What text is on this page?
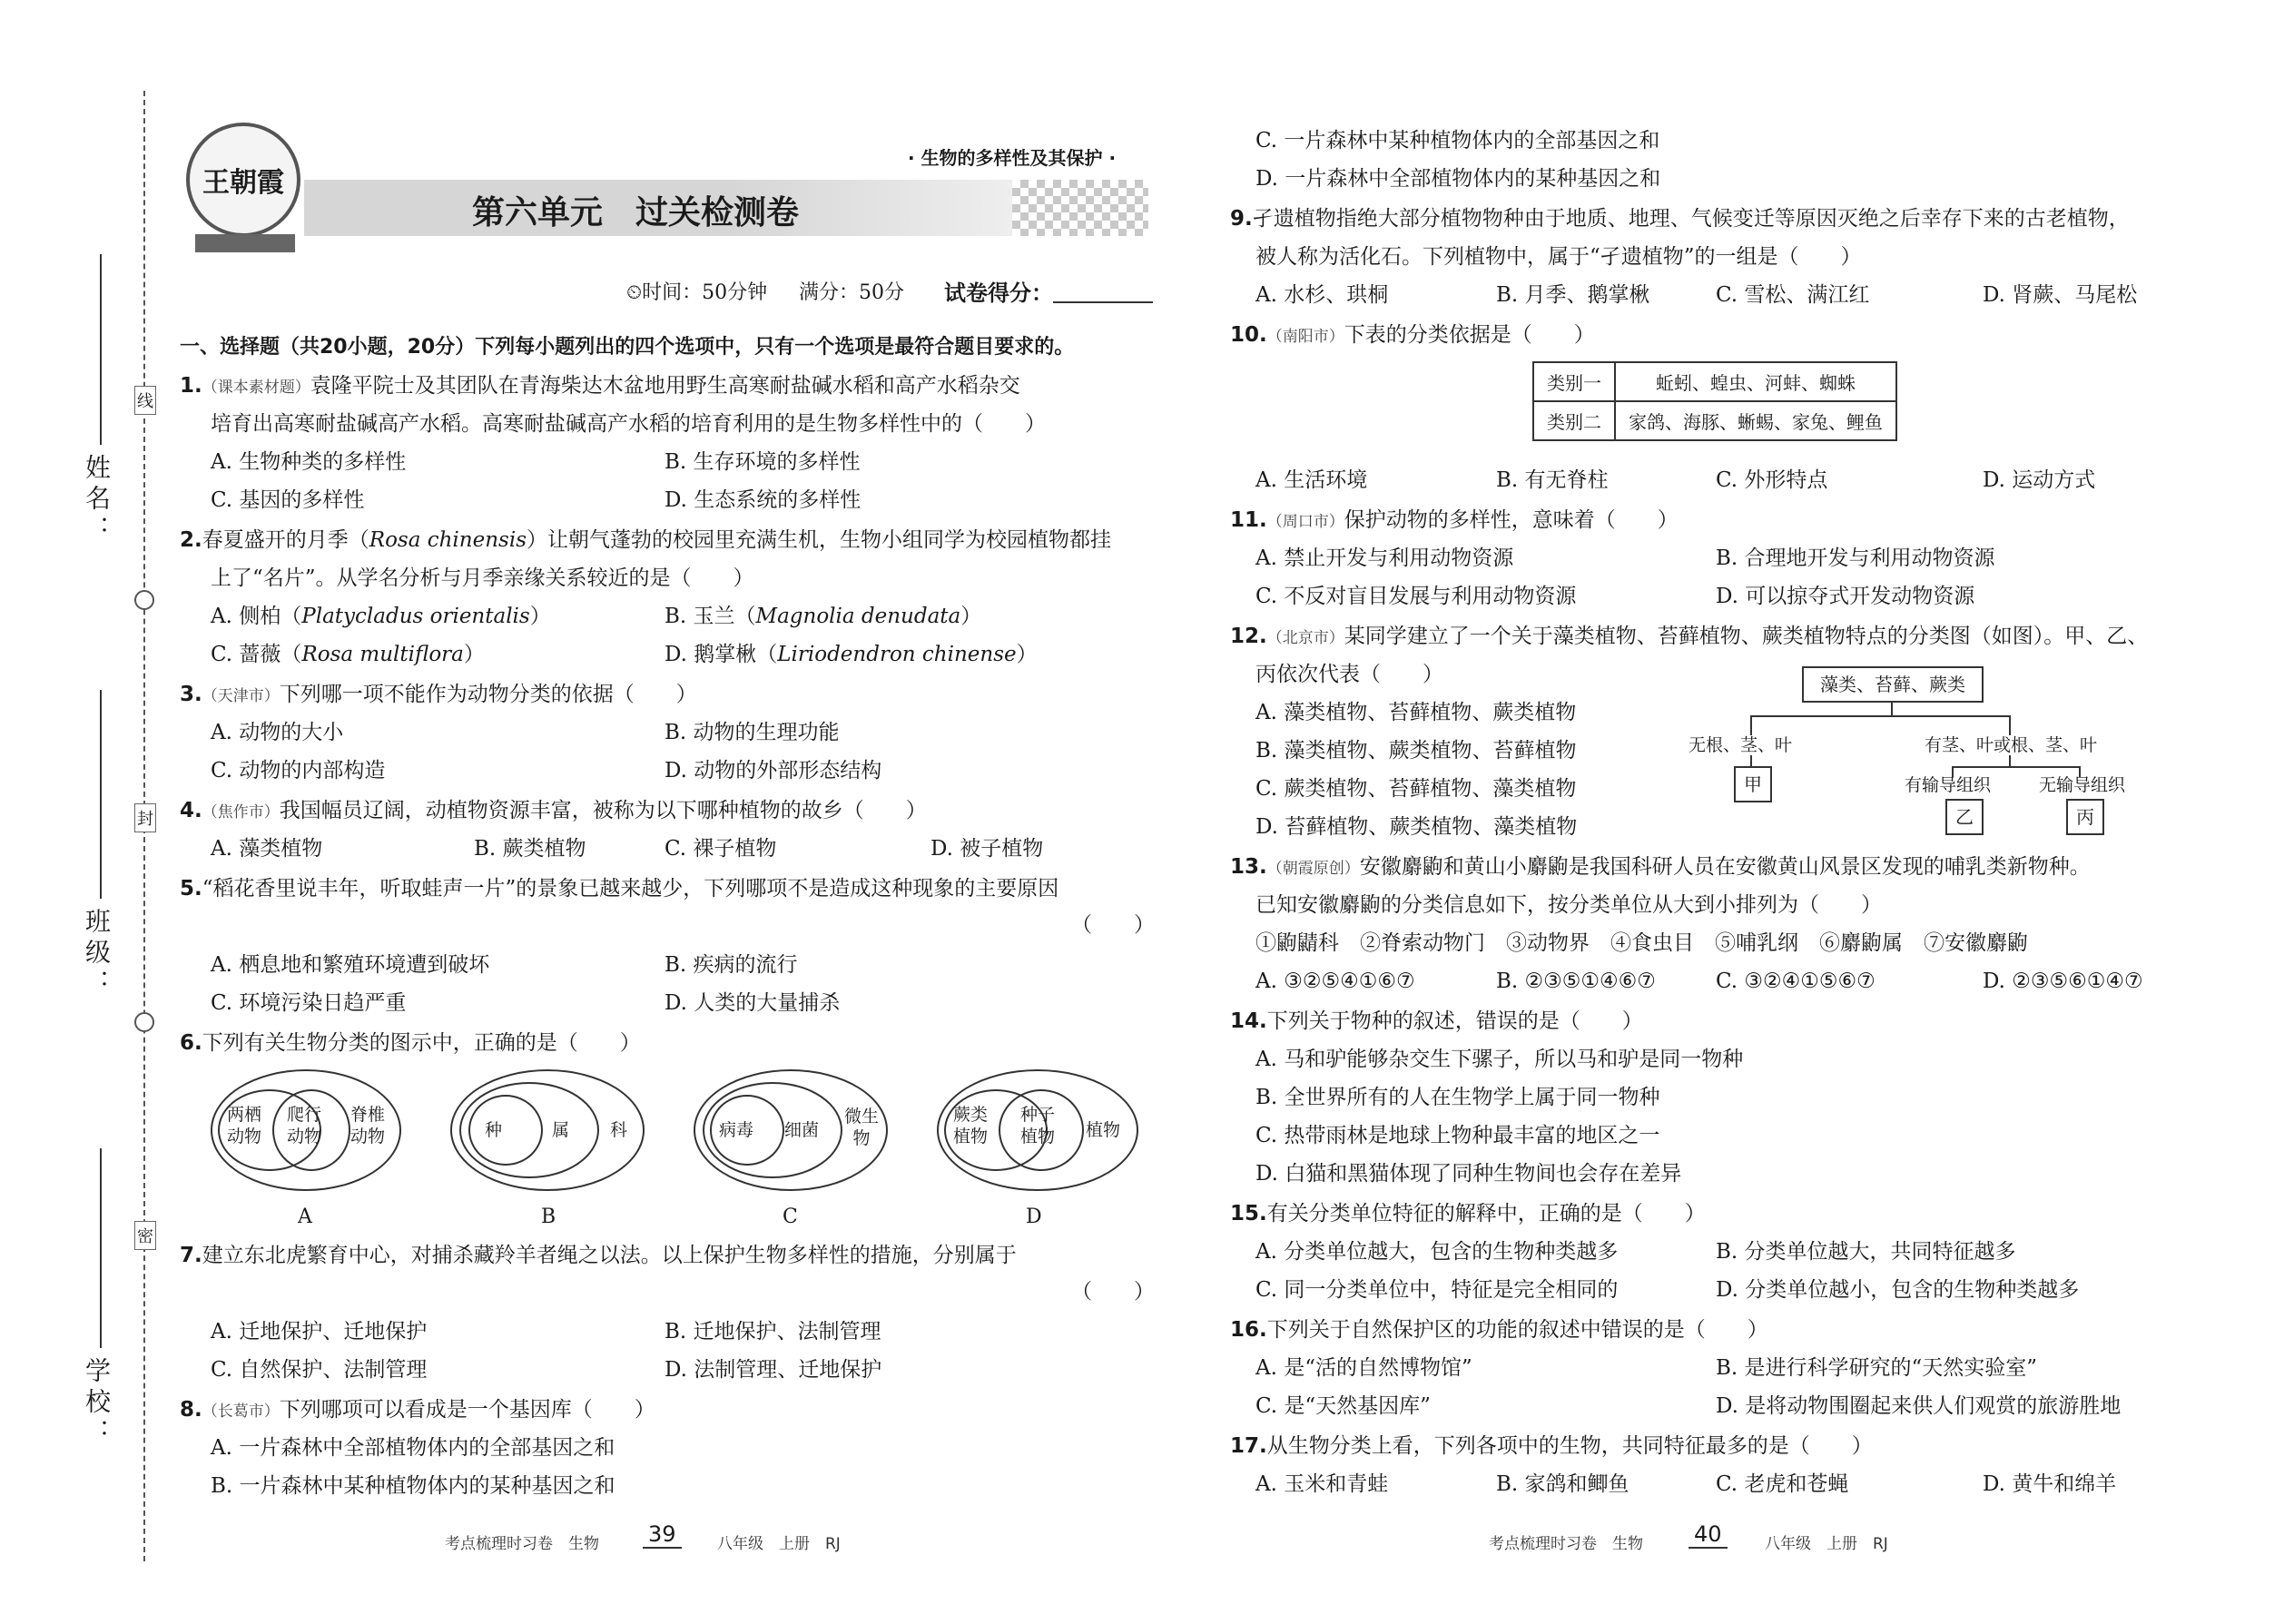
线
封
密
姓名：
班级：
学校：
王朝霞
· 生物的多样性及其保护 ·
第六单元　过关检测卷
⏲时间：50分钟 满分：50分 试卷得分：
一、选择题（共20小题，20分）下列每小题列出的四个选项中，只有一个选项是最符合题目要求的。
1.（课本素材题）袁隆平院士及其团队在青海柴达木盆地用野生高寒耐盐碱水稻和高产水稻杂交
培育出高寒耐盐碱高产水稻。高寒耐盐碱高产水稻的培育利用的是生物多样性中的（　　）
A. 生物种类的多样性	B. 生存环境的多样性
C. 基因的多样性	D. 生态系统的多样性
2.春夏盛开的月季（Rosa chinensis）让朝气蓬勃的校园里充满生机，生物小组同学为校园植物都挂
上了“名片”。从学名分析与月季亲缘关系较近的是（　　）
A. 侧柏（Platycladus orientalis）	B. 玉兰（Magnolia denudata）
C. 蔷薇（Rosa multiflora）	D. 鹅掌楸（Liriodendron chinense）
3.（天津市）下列哪一项不能作为动物分类的依据（　　）
A. 动物的大小	B. 动物的生理功能
C. 动物的内部构造	D. 动物的外部形态结构
4.（焦作市）我国幅员辽阔，动植物资源丰富，被称为以下哪种植物的故乡（　　）
A. 藻类植物	B. 蕨类植物	C. 裸子植物	D. 被子植物
5.“稻花香里说丰年，听取蛙声一片”的景象已越来越少，下列哪项不是造成这种现象的主要原因
（　　）
A. 栖息地和繁殖环境遭到破坏	B. 疾病的流行
C. 环境污染日趋严重	D. 人类的大量捕杀
6.下列有关生物分类的图示中，正确的是（　　）
两栖
动物
爬行
动物
脊椎
动物
A
种	属 科
B
病毒 细菌
微生
物
C
蕨类
植物
种子
植物 植物
D
7.建立东北虎繁育中心，对捕杀藏羚羊者绳之以法。以上保护生物多样性的措施，分别属于
（　　）
A. 迁地保护、迁地保护	B. 迁地保护、法制管理
C. 自然保护、法制管理	D. 法制管理、迁地保护
8.（长葛市）下列哪项可以看成是一个基因库（　　）
A. 一片森林中全部植物体内的全部基因之和
B. 一片森林中某种植物体内的某种基因之和
考点梳理时习卷　生物 39	八年级　上册　RJ
C. 一片森林中某种植物体内的全部基因之和
D. 一片森林中全部植物体内的某种基因之和
9.孑遗植物指绝大部分植物物种由于地质、地理、气候变迁等原因灭绝之后幸存下来的古老植物，
被人称为活化石。下列植物中，属于“孑遗植物”的一组是（　　）
A. 水杉、珙桐	B. 月季、鹅掌楸	C. 雪松、满江红	D. 肾蕨、马尾松
10.（南阳市）下表的分类依据是（　　）
类别一	蚯蚓、蝗虫、河蚌、蜘蛛
类别二	家鸽、海豚、蜥蜴、家兔、鲤鱼
A. 生活环境	B. 有无脊柱	C. 外形特点	D. 运动方式
11.（周口市）保护动物的多样性，意味着（　　）
A. 禁止开发与利用动物资源	B. 合理地开发与利用动物资源
C. 不反对盲目发展与利用动物资源	D. 可以掠夺式开发动物资源
12.（北京市）某同学建立了一个关于藻类植物、苔藓植物、蕨类植物特点的分类图（如图）。甲、乙、
丙依次代表（　　）
A. 藻类植物、苔藓植物、蕨类植物
B. 藻类植物、蕨类植物、苔藓植物
C. 蕨类植物、苔藓植物、藻类植物
D. 苔藓植物、蕨类植物、藻类植物
藻类、苔藓、蕨类
无根、茎、叶	有茎、叶或根、茎、叶
甲	有输导组织	无输导组织
乙	丙
13.（朝霞原创）安徽麝鼩和黄山小麝鼩是我国科研人员在安徽黄山风景区发现的哺乳类新物种。
已知安徽麝鼩的分类信息如下，按分类单位从大到小排列为（　　）
①鼩鼱科　②脊索动物门　③动物界　④食虫目　⑤哺乳纲　⑥麝鼩属　⑦安徽麝鼩
A. ③②⑤④①⑥⑦	B. ②③⑤①④⑥⑦	C. ③②④①⑤⑥⑦	D. ②③⑤⑥①④⑦
14.下列关于物种的叙述，错误的是（　　）
A. 马和驴能够杂交生下骡子，所以马和驴是同一物种
B. 全世界所有的人在生物学上属于同一物种
C. 热带雨林是地球上物种最丰富的地区之一
D. 白猫和黑猫体现了同种生物间也会存在差异
15.有关分类单位特征的解释中，正确的是（　　）
A. 分类单位越大，包含的生物种类越多	B. 分类单位越大，共同特征越多
C. 同一分类单位中，特征是完全相同的	D. 分类单位越小，包含的生物种类越多
16.下列关于自然保护区的功能的叙述中错误的是（　　）
A. 是“活的自然博物馆”	B. 是进行科学研究的“天然实验室”
C. 是“天然基因库”	D. 是将动物围圈起来供人们观赏的旅游胜地
17.从生物分类上看，下列各项中的生物，共同特征最多的是（　　）
A. 玉米和青蛙	B. 家鸽和鲫鱼	C. 老虎和苍蝇	D. 黄牛和绵羊
考点梳理时习卷　生物 40	八年级　上册　RJ
